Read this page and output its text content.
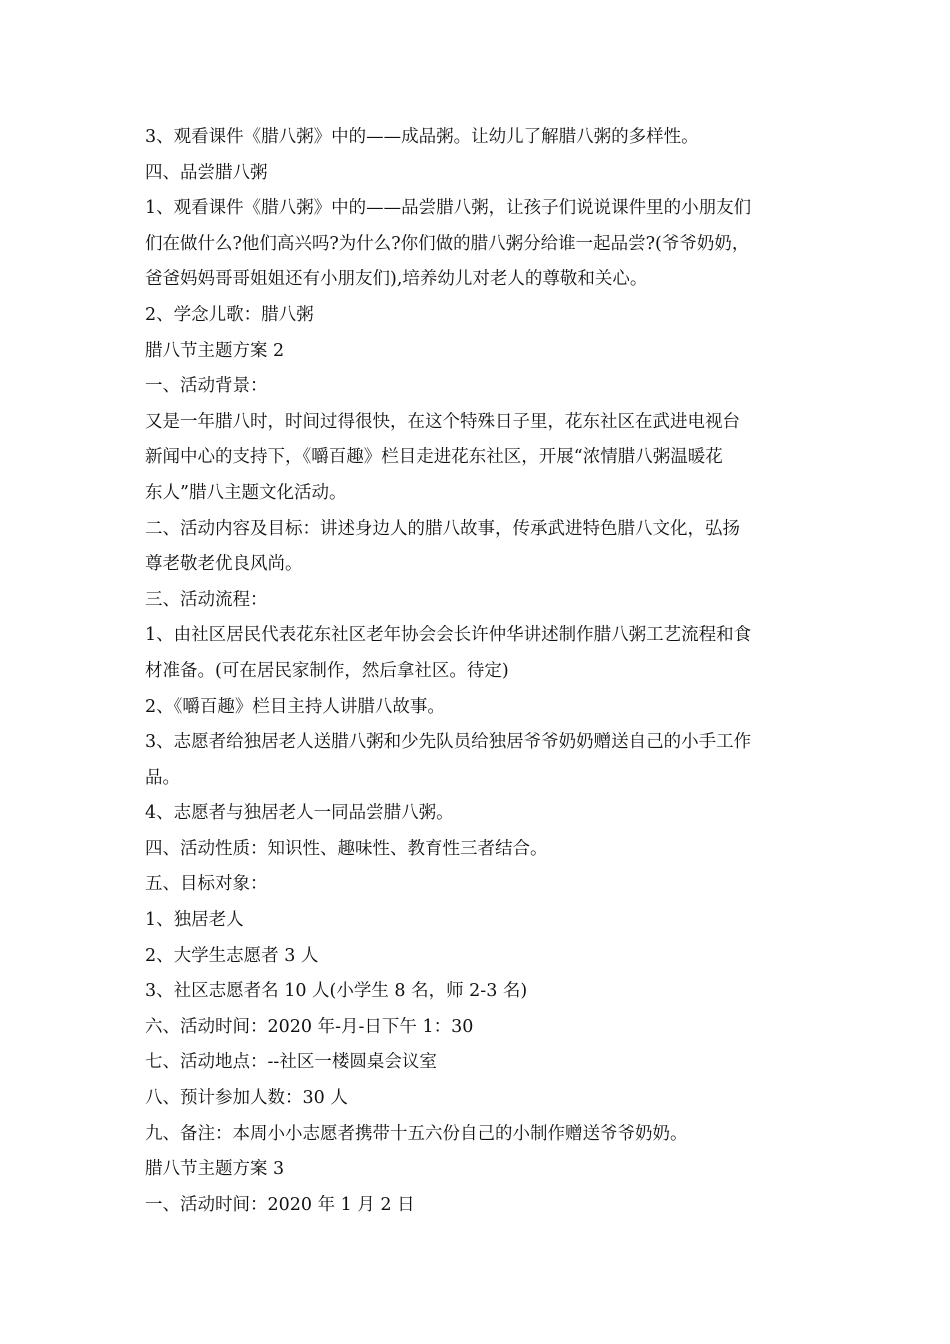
3、观看课件《腊八粥》中的——成品粥。让幼儿了解腊八粥的多样性。
四、品尝腊八粥
1、观看课件《腊八粥》中的——品尝腊八粥，让孩子们说说课件里的小朋友们
们在做什么?他们高兴吗?为什么?你们做的腊八粥分给谁一起品尝?(爷爷奶奶，
爸爸妈妈哥哥姐姐还有小朋友们),培养幼儿对老人的尊敬和关心。
2、学念儿歌：腊八粥
腊八节主题方案 2
一、活动背景：
又是一年腊八时，时间过得很快，在这个特殊日子里，花东社区在武进电视台
新闻中心的支持下，《嚼百趣》栏目走进花东社区，开展“浓情腊八粥温暖花
东人”腊八主题文化活动。
二、活动内容及目标：讲述身边人的腊八故事，传承武进特色腊八文化，弘扬
尊老敬老优良风尚。
三、活动流程：
1、由社区居民代表花东社区老年协会会长许仲华讲述制作腊八粥工艺流程和食
材准备。(可在居民家制作，然后拿社区。待定)
2、《嚼百趣》栏目主持人讲腊八故事。
3、志愿者给独居老人送腊八粥和少先队员给独居爷爷奶奶赠送自己的小手工作
品。
4、志愿者与独居老人一同品尝腊八粥。
四、活动性质：知识性、趣味性、教育性三者结合。
五、目标对象：
1、独居老人
2、大学生志愿者 3 人
3、社区志愿者名 10 人(小学生 8 名，师 2-3 名)
六、活动时间：2020 年-月-日下午 1：30
七、活动地点：--社区一楼圆桌会议室
八、预计参加人数：30 人
九、备注：本周小小志愿者携带十五六份自己的小制作赠送爷爷奶奶。
腊八节主题方案 3
一、活动时间：2020 年 1 月 2 日
